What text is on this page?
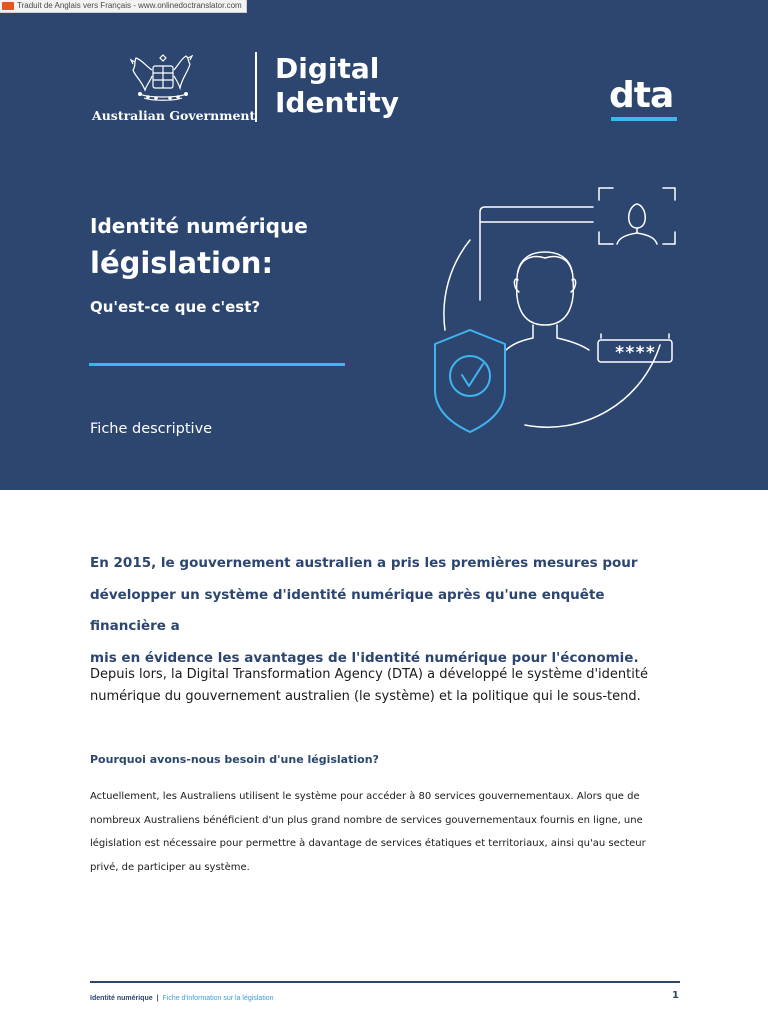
Traduit de Anglais vers Français - www.onlinedoctranslator.com
Australian Government
Digital
Identity	dta
Identité numérique
législation:
Qu'est-ce que c'est?
Fiche descriptive
****
En 2015, le gouvernement australien a pris les premières mesures pour
développer un système d'identité numérique après qu'une enquête financière a
mis en évidence les avantages de l'identité numérique pour l'économie.
Depuis lors, la Digital Transformation Agency (DTA) a développé le système d'identité
numérique du gouvernement australien (le système) et la politique qui le sous-tend.
Pourquoi avons-nous besoin d'une législation?
Actuellement, les Australiens utilisent le système pour accéder à 80 services gouvernementaux. Alors que de
nombreux Australiens bénéficient d'un plus grand nombre de services gouvernementaux fournis en ligne, une
législation est nécessaire pour permettre à davantage de services étatiques et territoriaux, ainsi qu'au secteur
privé, de participer au système.
Identité numérique | Fiche d'information sur la législation	1
